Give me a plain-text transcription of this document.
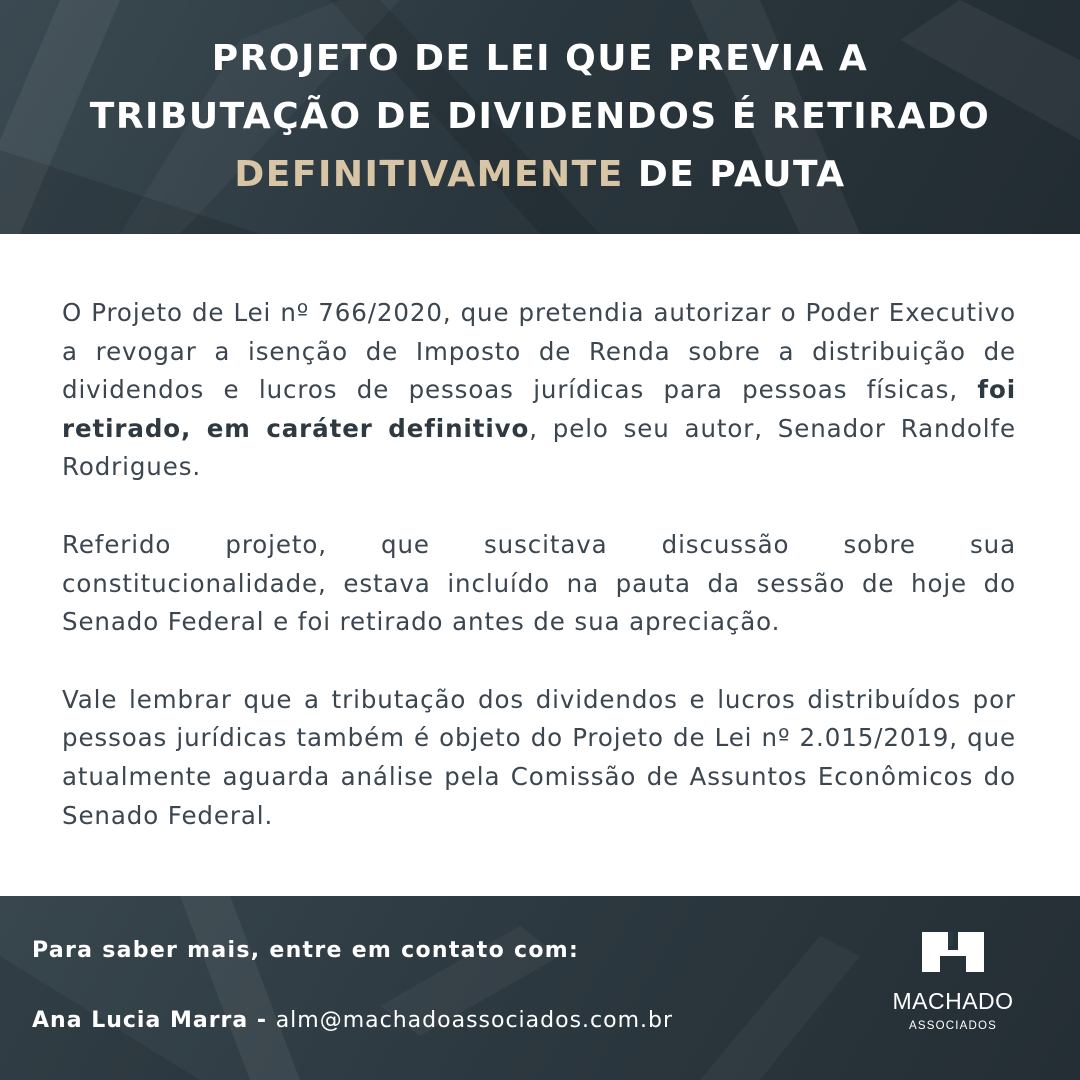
PROJETO DE LEI QUE PREVIA A
TRIBUTAÇÃO DE DIVIDENDOS É RETIRADO
DEFINITIVAMENTE DE PAUTA

O Projeto de Lei nº 766/2020, que pretendia autorizar o Poder Executivo a revogar a isenção de Imposto de Renda sobre a distribuição de dividendos e lucros de pessoas jurídicas para pessoas físicas, foi retirado, em caráter definitivo, pelo seu autor, Senador Randolfe Rodrigues.

Referido projeto, que suscitava discussão sobre sua constitucionalidade, estava incluído na pauta da sessão de hoje do Senado Federal e foi retirado antes de sua apreciação.

Vale lembrar que a tributação dos dividendos e lucros distribuídos por pessoas jurídicas também é objeto do Projeto de Lei nº 2.015/2019, que atualmente aguarda análise pela Comissão de Assuntos Econômicos do Senado Federal.

Para saber mais, entre em contato com:
Ana Lucia Marra - alm@machadoassociados.com.br
MACHADO
ASSOCIADOS
